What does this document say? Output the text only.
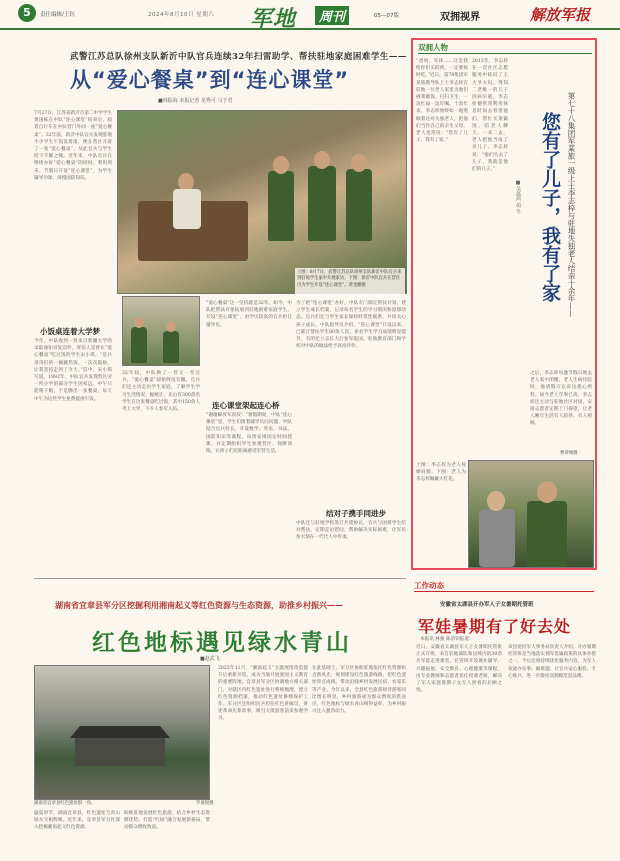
5	责任编辑/王钰	2024年8月10日 星期六 军地	周刊	05—07版	双拥视界	解放军报
武警江苏总队徐州支队新沂中队官兵连续32年扫雷助学、帮扶驻地家庭困难学生——
从“爱心餐桌”到“连心课堂”
■林振海 本报记者 龙秀可 马于君
7月27日，江苏省新沂市第二中学学生黄国栋在中队“连心课堂”结束后，骑着自行车在中队营门外同一座“爱心餐桌”。32年前，新沂中队官兵发现驻地不少学生午饭没着落，便在营区开辟了一张“爱心餐桌”，从此官兵与学生结下不解之缘。近年来，中队官兵在继续办好“爱心餐桌”的同时，利用周末、节假日开设“连心课堂”，为学生辅导功课、讲授国防知识。
上图：8月7日，武警江苏总队徐州支队新沂中队官兵来到驻地学生家中开展家访。下图：新沂中队官兵在营区内为学生开设“连心课堂”。黄金鹏摄
小饭桌连着大学梦
今年，中队收到一封来自新疆大学的录取通知书复印件，寄信人是曾在“爱心餐桌”吃过饭的学生宋小琪。“是兵哥哥们的一碗碗热饭、一次次鼓励，让我坚持走到了今天。”信中，宋小琪写道。1992年，中队官兵发现营区旁一所小学的部分学生因家远，中午只能啃干粮，于是腾出一张餐桌，每天中午为这些学生免费提供午饭。
32年间，中队换了一茬又一茬官兵，“爱心餐桌”却始终没有撤。官兵们还主动走访学生家庭，了解学生学习生活情况。据统计，先后有300余名学生在这张餐桌吃过饭，其中150余人考上大学，不少人参军入伍。
“爱心餐桌”这一坚持就是32年。如今，中队把帮扶对象拓展到驻地困难家庭学生，开设“连心课堂”，由学历较高的官兵担任辅导员。
连心课堂架起连心桥
“谢谢解放军叔叔！”暑假期间，中队“连心课堂”里，学生们围着辅导员问问题。中队结合官兵特长，开设数学、英语、书法、国防知识等课程，每周安排固定时间授课，并定期组织学生参观营区、观摩训练，让孩子们近距离感受军营生活。
为了把“连心课堂”办好，中队专门制定帮扶计划，建立学生成长档案，记录每名学生的学习情况和思想动态。官兵们还与学生家长保持经常性联系，共同关心孩子成长。中队指导员介绍，“连心课堂”开设以来，已累计帮扶学生80余人次，多名学生学习成绩明显提升，有的还立志长大后参军报国。驻地教育部门和学校对中队的做法给予高度评价。
结对子携手同进步
中队还与驻地学校签订共建协议，官兵与困难学生结对帮扶，定期走访慰问，帮助解决实际困难，让军民鱼水情在一代代人中传承。
湖南省宜章县军分区挖掘利用湘南起义等红色资源与生态资源，助推乡村振兴——
红色地标遇见绿水青山
■赵武飞
湖南省宜章县红色遗址群一角。	罗嘉悦摄
盛夏时节，湖南宜章县，红色遗址与青山绿水交相辉映。近年来，宜章县军分区深入挖掘湘南起义红色资源，
助推驻地发展红色旅游，结合乡村生态资源优势，打造“红绿”融合发展新格局，带动群众增收致富。
2023年11月，“湘南起义”主题展馆改造提升后重新开馆，成为当地开展爱国主义教育的重要阵地。宜章县军分区协调地方相关部门，对辖区内红色遗址进行系统梳理，建立红色资源档案，推动红色遗址修缮保护工作。军分区还组织民兵担任红色讲解员，讲述革命先辈故事，吸引大批游客前来参观学习。
在此基础上，军分区协助驻地依托红色资源和自然风光，规划建设红色旅游线路，把红色遗址串点成线，带动沿线乡村发展民宿、农家乐等产业。今年以来，全县红色旅游接待游客同比增长明显，乡村旅游成为群众增收的新途径，红色地标与绿水青山相得益彰，为乡村振兴注入强劲动力。
双拥人物
您有了儿子，我有了家 第七十八集团军某旅一级上士李志梓与驻地失独老人结亲十余年——
■吴磊鸿 胡 冬
“爸妈，军休……这是我给你们买的药，一定要按时吃。”近日，第78集团军某旅教导队上士李志梓在驻地一位老人家里为他们挑菜做饭、打扫卫生，一边忙碌一边叮嘱。十余年来，李志梓始终如一地照顾着这对失独老人，把他们当作自己的亲生父母。老人也常说：“您有了儿子，我有了家。”
2013年，李志梓在一次社区志愿服务中结识了王大爷夫妇。得知二老唯一的儿子因病早逝，李志梓便常常利用休息时间去看望他们，帮忙买菜做饭、陪老人聊天。一来二去，老人把他当成了亲儿子。李志梓说：“他们失去了儿子，我就是他们的儿子。”
之后，李志梓每逢节假日便去老人家中团聚，老人生病住院时，他请假守在床边悉心照料。如今老人年事已高，李志梓还主动与驻地社区对接，安排志愿者定期上门探望，让老人晚年生活有人陪伴、有人照顾。
上图：李志梓为老人按摩肩膀。下图：老人为李志梓佩戴大红花。
曹舜瑀摄
工作动态
安徽省太湖县开办军人子女暑期托管班
军娃暑期有了好去处
本报讯 林强 陈清钊报道：
近日，安徽省太湖县军人子女暑期托管班正式开班，来自驻地部队和县域内的30余名军娃走进课堂。托管班开设课业辅导、兴趣拓展、安全教育、心理健康等课程，由专业教师和志愿者担任授课老师，解决了军人家庭暑期子女无人照看的后顾之忧。
该县退役军人事务局负责人介绍，开办暑期托管班是当地落实拥军优属政策的具体举措之一，今后还将持续优化服务内容，为军人家庭办实事、解难题，让官兵安心服役、专心练兵，进一步擦亮双拥模范县品牌。
